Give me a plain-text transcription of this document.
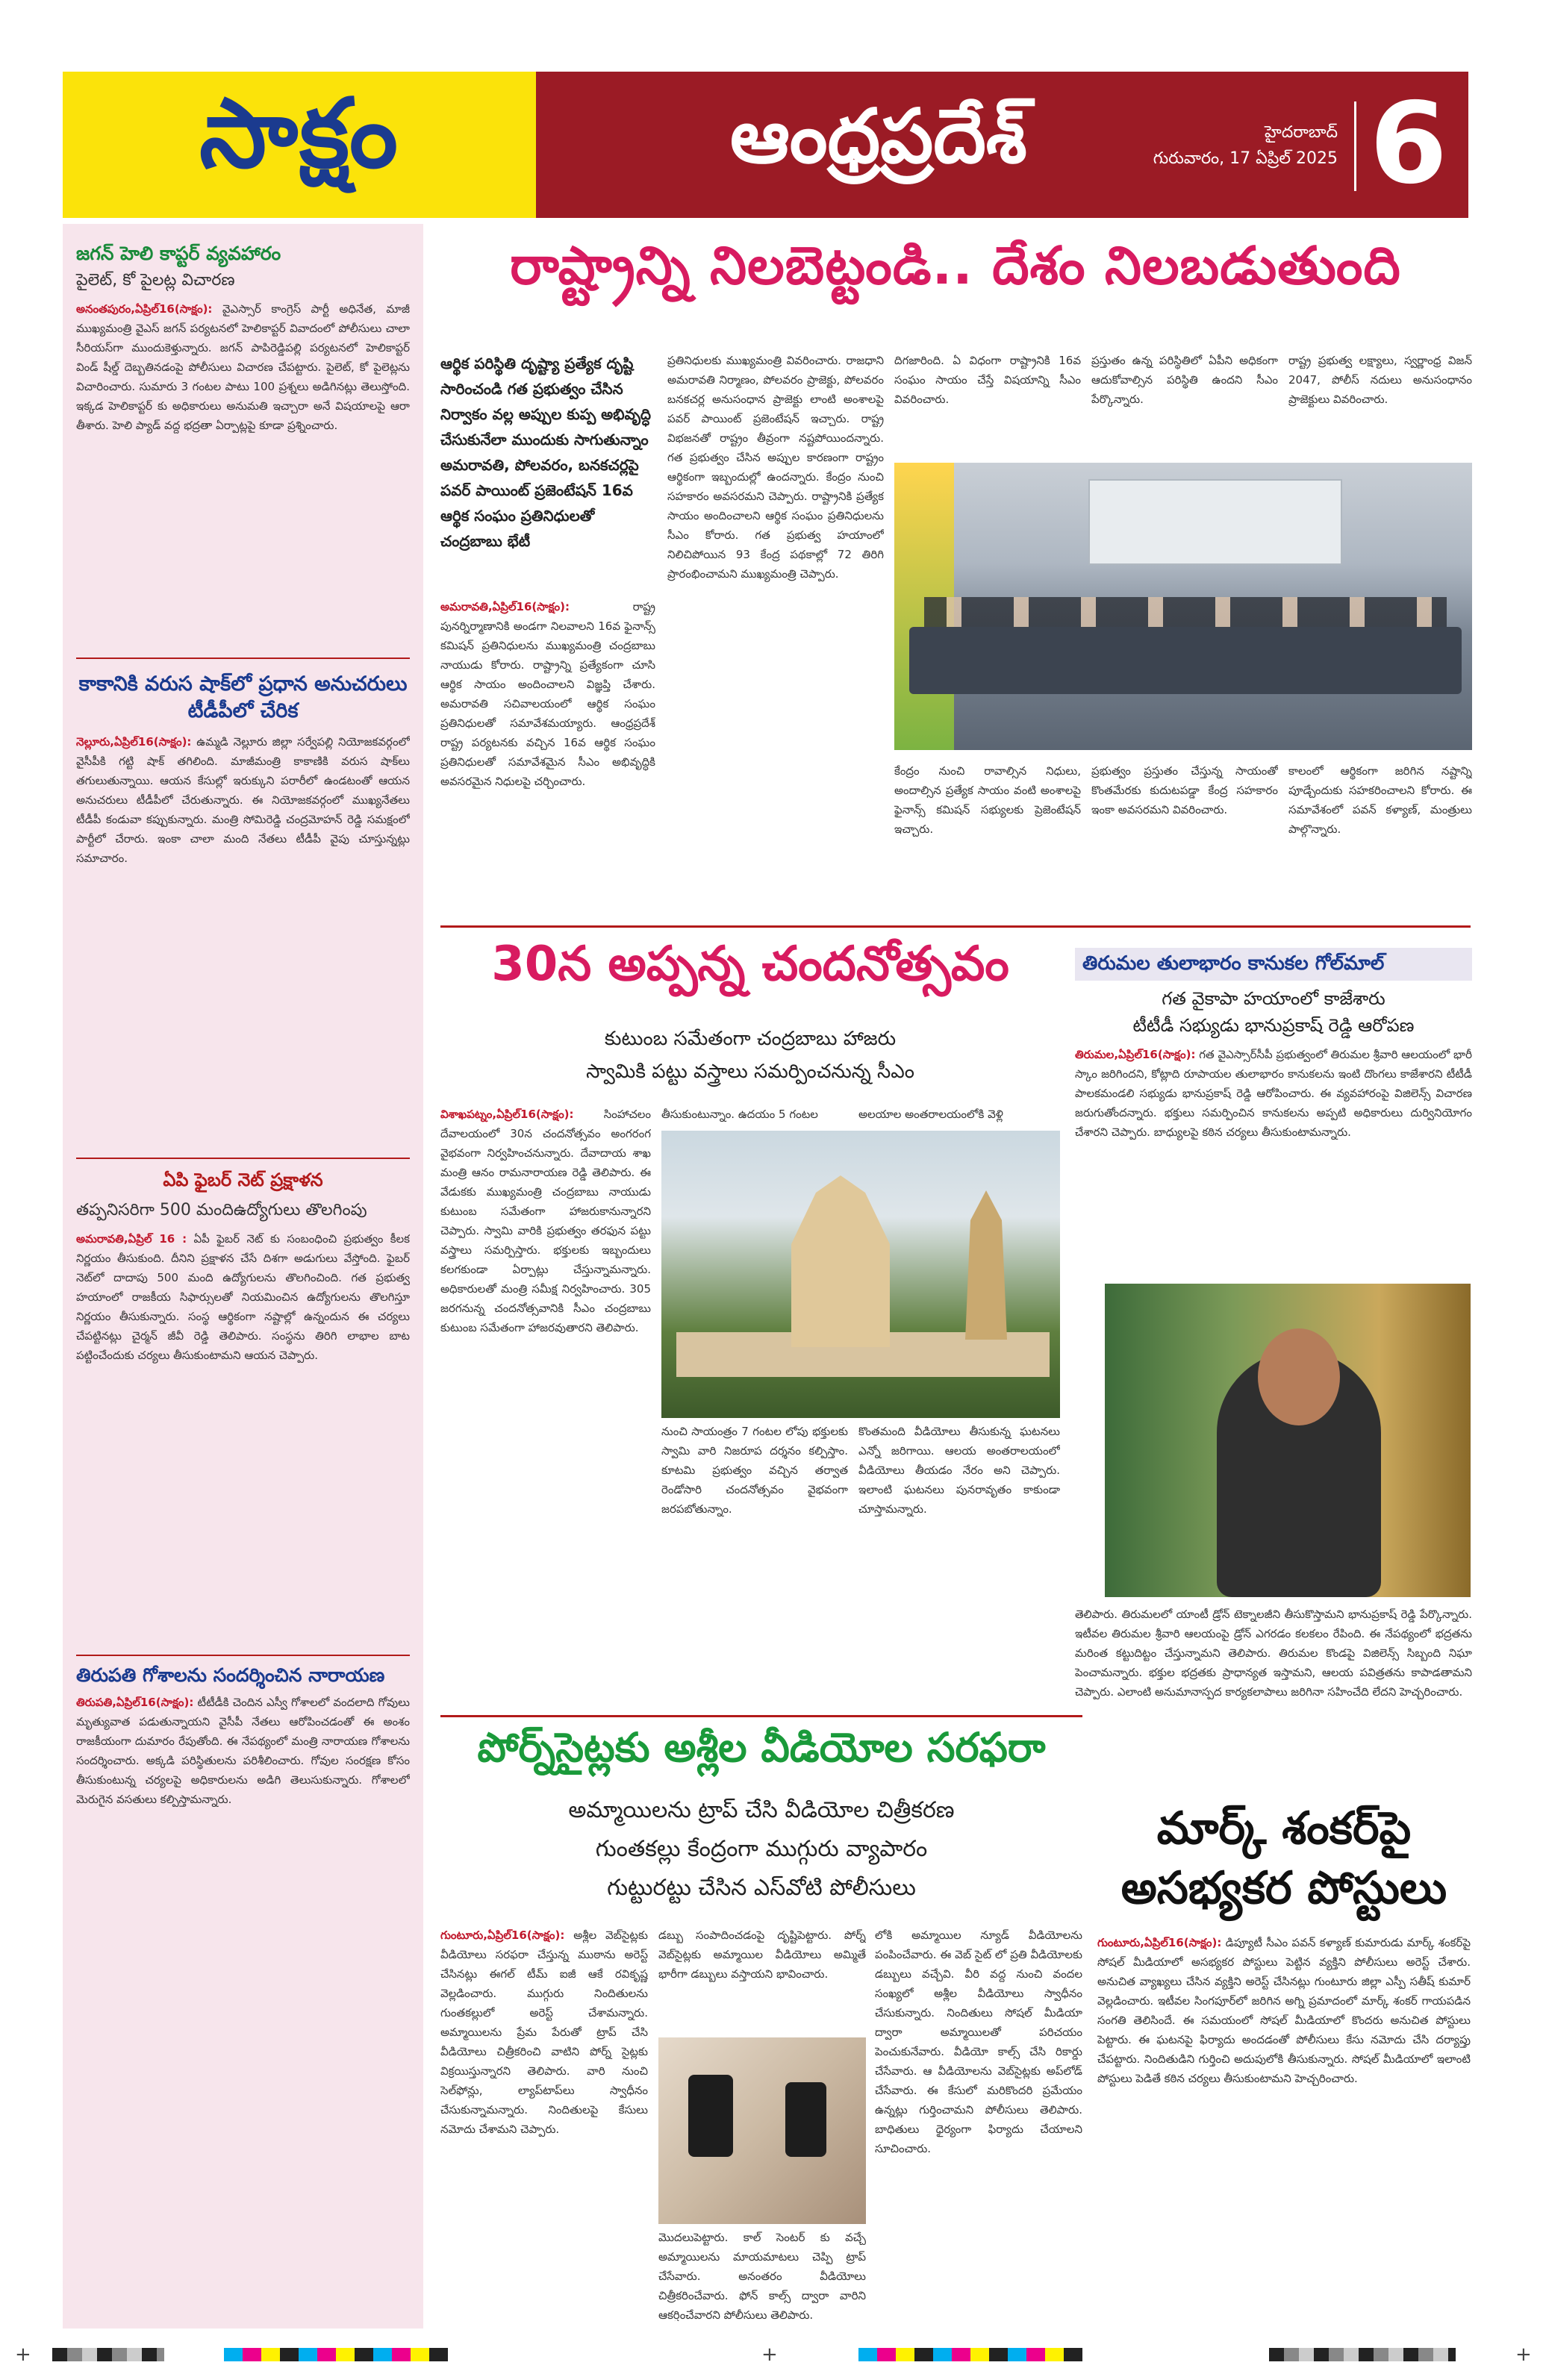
సాక్షం	ఆంధ్రప్రదేశ్	హైదరాబాద్
గురువారం, 17 ఏప్రిల్ 2025 6
జగన్ హెలి కాప్టర్ వ్యవహారం
పైలెట్, కో పైలట్ల విచారణ
అనంతపురం,ఏప్రిల్16(సాక్షం): వైఎస్సార్ కాంగ్రెస్ పార్టీ అధినేత, మాజీ ముఖ్యమంత్రి వైఎస్ జగన్ పర్యటనలో హెలికాప్టర్ వివాదంలో పోలీసులు చాలా సీరియస్‌గా ముందుకెళ్తున్నారు. జగన్ పాపిరెడ్డిపల్లి పర్యటనలో హెలికాప్టర్ విండ్ షీల్డ్ దెబ్బతినడంపై పోలీసులు విచారణ చేపట్టారు. పైలెట్, కో పైలెట్లను విచారించారు. సుమారు 3 గంటల పాటు 100 ప్రశ్నలు అడిగినట్లు తెలుస్తోంది. ఇక్కడ హెలికాప్టర్ కు అధికారులు అనుమతి ఇచ్చారా అనే విషయాలపై ఆరా తీశారు. హెలి ప్యాడ్ వద్ద భద్రతా ఏర్పాట్లపై కూడా ప్రశ్నించారు.
కాకానికి వరుస షాక్‌లో ప్రధాన అనుచరులు టీడీపీలో చేరిక
నెల్లూరు,ఏప్రిల్16(సాక్షం): ఉమ్మడి నెల్లూరు జిల్లా సర్వేపల్లి నియోజకవర్గంలో వైసీపీకి గట్టి షాక్ తగిలింది. మాజీమంత్రి కాకాణికి వరుస షాక్‌లు తగులుతున్నాయి. ఆయన కేసుల్లో ఇరుక్కుని పరారీలో ఉండటంతో ఆయన అనుచరులు టీడీపీలో చేరుతున్నారు. ఈ నియోజకవర్గంలో ముఖ్యనేతలు టీడీపీ కండువా కప్పుకున్నారు. మంత్రి సోమిరెడ్డి చంద్రమోహన్ రెడ్డి సమక్షంలో పార్టీలో చేరారు. ఇంకా చాలా మంది నేతలు టీడీపీ వైపు చూస్తున్నట్లు సమాచారం.
ఏపి ఫైబర్ నెట్ ప్రక్షాళన
తప్పనిసరిగా 500 మందిఉద్యోగులు తొలగింపు
అమరావతి,ఏప్రిల్ 16 : ఏపీ ఫైబర్ నెట్ కు సంబంధించి ప్రభుత్వం కీలక నిర్ణయం తీసుకుంది. దీనిని ప్రక్షాళన చేసే దిశగా అడుగులు వేస్తోంది. ఫైబర్ నెట్‌లో దాదాపు 500 మంది ఉద్యోగులను తొలగించింది. గత ప్రభుత్వ హయాంలో రాజకీయ సిఫార్సులతో నియమించిన ఉద్యోగులను తొలగిస్తూ నిర్ణయం తీసుకున్నారు. సంస్థ ఆర్థికంగా నష్టాల్లో ఉన్నందున ఈ చర్యలు చేపట్టినట్లు చైర్మన్ జీవీ రెడ్డి తెలిపారు. సంస్థను తిరిగి లాభాల బాట పట్టించేందుకు చర్యలు తీసుకుంటామని ఆయన చెప్పారు.
తిరుపతి గోశాలను సందర్శించిన నారాయణ
తిరుపతి,ఏప్రిల్16(సాక్షం): టీటీడీకి చెందిన ఎస్వీ గోశాలలో వందలాది గోవులు మృత్యువాత పడుతున్నాయని వైసీపీ నేతలు ఆరోపించడంతో ఈ అంశం రాజకీయంగా దుమారం రేపుతోంది. ఈ నేపథ్యంలో మంత్రి నారాయణ గోశాలను సందర్శించారు. అక్కడి పరిస్థితులను పరిశీలించారు. గోవుల సంరక్షణ కోసం తీసుకుంటున్న చర్యలపై అధికారులను అడిగి తెలుసుకున్నారు. గోశాలలో మెరుగైన వసతులు కల్పిస్తామన్నారు.
రాష్ట్రాన్ని నిలబెట్టండి.. దేశం నిలబడుతుంది
ఆర్థిక పరిస్థితి దృష్ట్యా ప్రత్యేక దృష్టి సారించండి గత ప్రభుత్వం చేసిన నిర్వాకం వల్ల అప్పుల కుప్ప అభివృద్ధి చేసుకునేలా ముందుకు సాగుతున్నాం అమరావతి, పోలవరం, బనకచర్లపై పవర్ పాయింట్ ప్రజెంటేషన్ 16వ ఆర్థిక సంఘం ప్రతినిధులతో చంద్రబాబు భేటీ
అమరావతి,ఏప్రిల్16(సాక్షం):	రాష్ట్ర పునర్నిర్మాణానికి అండగా నిలవాలని 16వ ఫైనాన్స్ కమిషన్ ప్రతినిధులను ముఖ్యమంత్రి చంద్రబాబు నాయుడు కోరారు. రాష్ట్రాన్ని ప్రత్యేకంగా చూసి ఆర్థిక సాయం అందించాలని విజ్ఞప్తి చేశారు. అమరావతి సచివాలయంలో ఆర్థిక సంఘం ప్రతినిధులతో సమావేశమయ్యారు. ఆంధ్రప్రదేశ్ రాష్ట్ర పర్యటనకు వచ్చిన 16వ ఆర్థిక సంఘం ప్రతినిధులతో సమావేశమైన సీఎం అభివృద్ధికి అవసరమైన నిధులపై చర్చించారు.
ప్రతినిధులకు ముఖ్యమంత్రి వివరించారు. రాజధాని అమరావతి నిర్మాణం, పోలవరం ప్రాజెక్టు, పోలవరం బనకచర్ల అనుసంధాన ప్రాజెక్టు లాంటి అంశాలపై పవర్ పాయింట్ ప్రజెంటేషన్ ఇచ్చారు. రాష్ట్ర విభజనతో రాష్ట్రం తీవ్రంగా నష్టపోయిందన్నారు. గత ప్రభుత్వం చేసిన అప్పుల కారణంగా రాష్ట్రం ఆర్థికంగా ఇబ్బందుల్లో ఉందన్నారు. కేంద్రం నుంచి సహకారం అవసరమని చెప్పారు. రాష్ట్రానికి ప్రత్యేక సాయం అందించాలని ఆర్థిక సంఘం ప్రతినిధులను సీఎం కోరారు. గత ప్రభుత్వ హయాంలో నిలిచిపోయిన 93 కేంద్ర పథకాల్లో 72 తిరిగి ప్రారంభించామని ముఖ్యమంత్రి చెప్పారు.
దిగజారింది. ఏ విధంగా రాష్ట్రానికి 16వ సంఘం సాయం చేస్తే విషయాన్ని సీఎం వివరించారు.
ప్రస్తుతం ఉన్న పరిస్థితిలో ఏపీని అధికంగా ఆదుకోవాల్సిన పరిస్థితి ఉందని సీఎం పేర్కొన్నారు.
రాష్ట్ర ప్రభుత్వ లక్ష్యాలు, స్వర్ణాంధ్ర విజన్ 2047, పోలీస్ నదులు అనుసంధానం ప్రాజెక్టులు వివరించారు.
కేంద్రం నుంచి రావాల్సిన నిధులు, అందాల్సిన ప్రత్యేక సాయం వంటి అంశాలపై ఫైనాన్స్ కమిషన్ సభ్యులకు ప్రెజెంటేషన్ ఇచ్చారు.
ప్రభుత్వం ప్రస్తుతం చేస్తున్న సాయంతో కొంతమేరకు కుదుటపడ్డా కేంద్ర సహకారం ఇంకా అవసరమని వివరించారు.
కాలంలో ఆర్థికంగా జరిగిన నష్టాన్ని పూడ్చేందుకు సహకరించాలని కోరారు. ఈ సమావేశంలో పవన్ కళ్యాణ్, మంత్రులు పాల్గొన్నారు.
30న అప్పన్న చందనోత్సవం
కుటుంబ సమేతంగా చంద్రబాబు హాజరు
స్వామికి పట్టు వస్త్రాలు సమర్పించనున్న సీఎం
విశాఖపట్నం,ఏప్రిల్16(సాక్షం):	సింహాచలం దేవాలయంలో 30న చందనోత్సవం అంగరంగ వైభవంగా నిర్వహించనున్నారు. దేవాదాయ శాఖ మంత్రి ఆనం రామనారాయణ రెడ్డి తెలిపారు. ఈ వేడుకకు ముఖ్యమంత్రి చంద్రబాబు నాయుడు కుటుంబ సమేతంగా హాజరుకానున్నారని చెప్పారు. స్వామి వారికి ప్రభుత్వం తరఫున పట్టు వస్త్రాలు సమర్పిస్తారు. భక్తులకు ఇబ్బందులు కలగకుండా ఏర్పాట్లు చేస్తున్నామన్నారు. అధికారులతో మంత్రి సమీక్ష నిర్వహించారు. 305 జరగనున్న చందనోత్సవానికి సీఎం చంద్రబాబు కుటుంబ సమేతంగా హాజరవుతారని తెలిపారు.
తీసుకుంటున్నాం. ఉదయం 5 గంటల	అలయాల అంతరాలయంలోకి వెళ్లి
నుంచి సాయంత్రం 7 గంటల లోపు భక్తులకు స్వామి వారి నిజరూప దర్శనం కల్పిస్తాం. కూటమి ప్రభుత్వం వచ్చిన తర్వాత రెండోసారి చందనోత్సవం వైభవంగా జరపబోతున్నాం.
కొంతమంది వీడియోలు తీసుకున్న ఘటనలు ఎన్నో జరిగాయి. ఆలయ అంతరాలయంలో వీడియోలు తీయడం నేరం అని చెప్పారు. ఇలాంటి ఘటనలు పునరావృతం కాకుండా చూస్తామన్నారు.
తిరుమల తులాభారం కానుకల గోల్‌మాల్
గత వైకాపా హయాంలో కాజేశారు
టీటీడీ సభ్యుడు భానుప్రకాష్ రెడ్డి ఆరోపణ
తిరుమల,ఏప్రిల్16(సాక్షం): గత వైఎస్సార్‌సీపీ ప్రభుత్వంలో తిరుమల శ్రీవారి ఆలయంలో భారీ స్కాం జరిగిందని, కోట్లాది రూపాయల తులాభారం కానుకలను ఇంటి దొంగలు కాజేశారని టీటీడీ పాలకమండలి సభ్యుడు భానుప్రకాష్ రెడ్డి ఆరోపించారు. ఈ వ్యవహారంపై విజిలెన్స్ విచారణ జరుగుతోందన్నారు. భక్తులు సమర్పించిన కానుకలను అప్పటి అధికారులు దుర్వినియోగం చేశారని చెప్పారు. బాధ్యులపై కఠిన చర్యలు తీసుకుంటామన్నారు.
తెలిపారు. తిరుమలలో యాంటీ డ్రోన్ టెక్నాలజీని తీసుకొస్తామని భానుప్రకాష్ రెడ్డి పేర్కొన్నారు. ఇటీవల తిరుమల శ్రీవారి ఆలయంపై డ్రోన్ ఎగరడం కలకలం రేపింది. ఈ నేపథ్యంలో భద్రతను మరింత కట్టుదిట్టం చేస్తున్నామని తెలిపారు. తిరుమల కొండపై విజిలెన్స్ సిబ్బంది నిఘా పెంచామన్నారు. భక్తుల భద్రతకు ప్రాధాన్యత ఇస్తామని, ఆలయ పవిత్రతను కాపాడతామని చెప్పారు. ఎలాంటి అనుమానాస్పద కార్యకలాపాలు జరిగినా సహించేది లేదని హెచ్చరించారు.
పోర్న్‌సైట్లకు అశ్లీల వీడియోల సరఫరా
అమ్మాయిలను ట్రాప్ చేసి వీడియోల చిత్రీకరణ
గుంతకల్లు కేంద్రంగా ముగ్గురు వ్యాపారం
గుట్టురట్టు చేసిన ఎస్‌వోటి పోలీసులు
గుంటూరు,ఏప్రిల్16(సాక్షం): అశ్లీల వెబ్‌సైట్లకు వీడియోలు సరఫరా చేస్తున్న ముఠాను అరెస్ట్ చేసినట్లు ఈగల్ టీమ్ ఐజీ ఆకే రవికృష్ణ వెల్లడించారు. ముగ్గురు నిందితులను గుంతకల్లులో అరెస్ట్ చేశామన్నారు. అమ్మాయిలను ప్రేమ పేరుతో ట్రాప్ చేసి వీడియోలు చిత్రీకరించి వాటిని పోర్న్ సైట్లకు విక్రయిస్తున్నారని తెలిపారు. వారి నుంచి సెల్‌ఫోన్లు, ల్యాప్‌టాప్‌లు స్వాధీనం చేసుకున్నామన్నారు. నిందితులపై కేసులు నమోదు చేశామని చెప్పారు.
డబ్బు సంపాదించడంపై దృష్టిపెట్టారు. పోర్న్ వెబ్‌సైట్లకు అమ్మాయిల వీడియోలు అమ్మితే భారీగా డబ్బులు వస్తాయని భావించారు.
మొదలుపెట్టారు. కాల్ సెంటర్ కు వచ్చే అమ్మాయిలను మాయమాటలు చెప్పి ట్రాప్ చేసేవారు. అనంతరం వీడియోలు చిత్రీకరించేవారు. ఫోన్ కాల్స్ ద్వారా వారిని ఆకర్షించేవారని పోలీసులు తెలిపారు.
లోకి అమ్మాయిల న్యూడ్ వీడియోలను పంపించేవారు. ఈ వెబ్ సైట్ లో ప్రతి వీడియోలకు డబ్బులు వచ్చేవి. వీరి వద్ద నుంచి వందల సంఖ్యలో అశ్లీల వీడియోలు స్వాధీనం చేసుకున్నారు. నిందితులు సోషల్ మీడియా ద్వారా అమ్మాయిలతో పరిచయం పెంచుకునేవారు. వీడియో కాల్స్ చేసి రికార్డు చేసేవారు. ఆ వీడియోలను వెబ్‌సైట్లకు అప్‌లోడ్ చేసేవారు. ఈ కేసులో మరికొందరి ప్రమేయం ఉన్నట్లు గుర్తించామని పోలీసులు తెలిపారు. బాధితులు ధైర్యంగా ఫిర్యాదు చేయాలని సూచించారు.
మార్క్ శంకర్‌పై అసభ్యకర పోస్టులు
గుంటూరు,ఏప్రిల్16(సాక్షం): డిప్యూటీ సీఎం పవన్ కళ్యాణ్ కుమారుడు మార్క్ శంకర్‌పై సోషల్ మీడియాలో అసభ్యకర పోస్టులు పెట్టిన వ్యక్తిని పోలీసులు అరెస్ట్ చేశారు. అనుచిత వ్యాఖ్యలు చేసిన వ్యక్తిని అరెస్ట్ చేసినట్లు గుంటూరు జిల్లా ఎస్పీ సతీష్ కుమార్ వెల్లడించారు. ఇటీవల సింగపూర్‌లో జరిగిన అగ్ని ప్రమాదంలో మార్క్ శంకర్ గాయపడిన సంగతి తెలిసిందే. ఈ సమయంలో సోషల్ మీడియాలో కొందరు అనుచిత పోస్టులు పెట్టారు. ఈ ఘటనపై ఫిర్యాదు అందడంతో పోలీసులు కేసు నమోదు చేసి దర్యాప్తు చేపట్టారు. నిందితుడిని గుర్తించి అదుపులోకి తీసుకున్నారు. సోషల్ మీడియాలో ఇలాంటి పోస్టులు పెడితే కఠిన చర్యలు తీసుకుంటామని హెచ్చరించారు.
+	+	+
